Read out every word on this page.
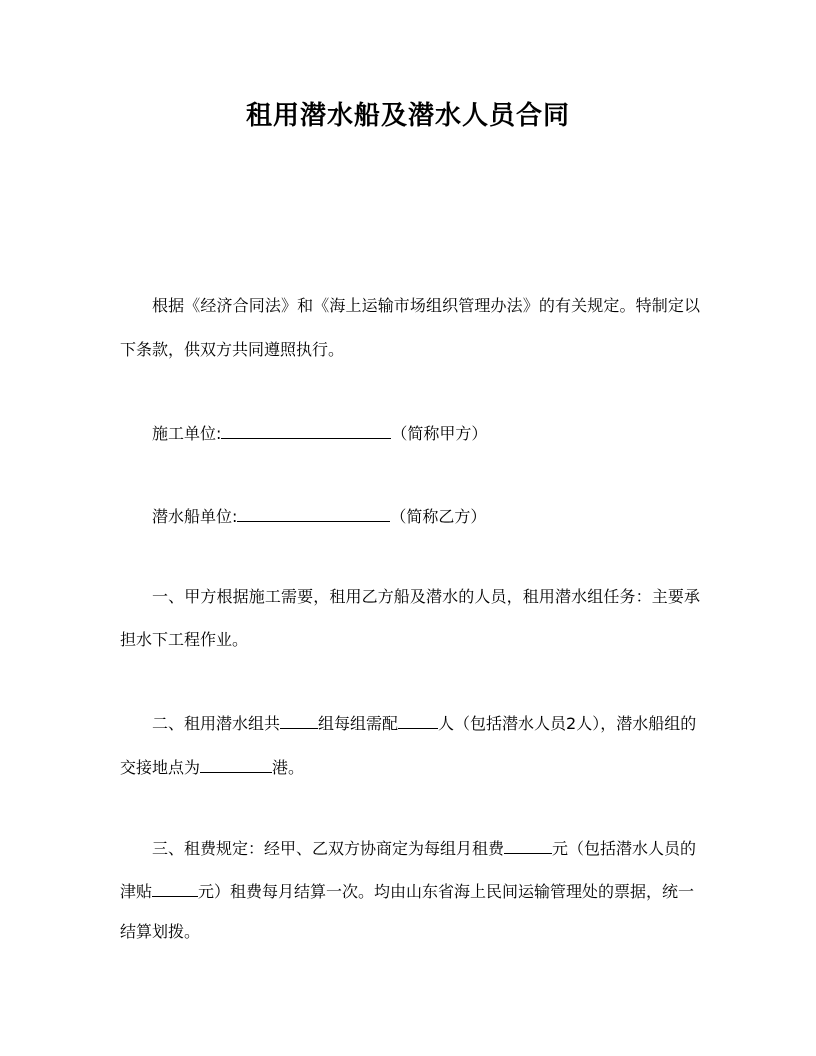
租用潜水船及潜水人员合同
根据《经济合同法》和《海上运输市场组织管理办法》的有关规定。特制定以
下条款，供双方共同遵照执行。
施工单位:	（简称甲方）
潜水船单位:	（简称乙方）
一、甲方根据施工需要，租用乙方船及潜水的人员，租用潜水组任务：主要承
担水下工程作业。
二、租用潜水组共 组每组需配	人（包括潜水人员2人），潜水船组的
交接地点为	港。
三、租费规定：经甲、乙双方协商定为每组月租费	元（包括潜水人员的
津贴	元）租费每月结算一次。均由山东省海上民间运输管理处的票据，统一
结算划拨。
